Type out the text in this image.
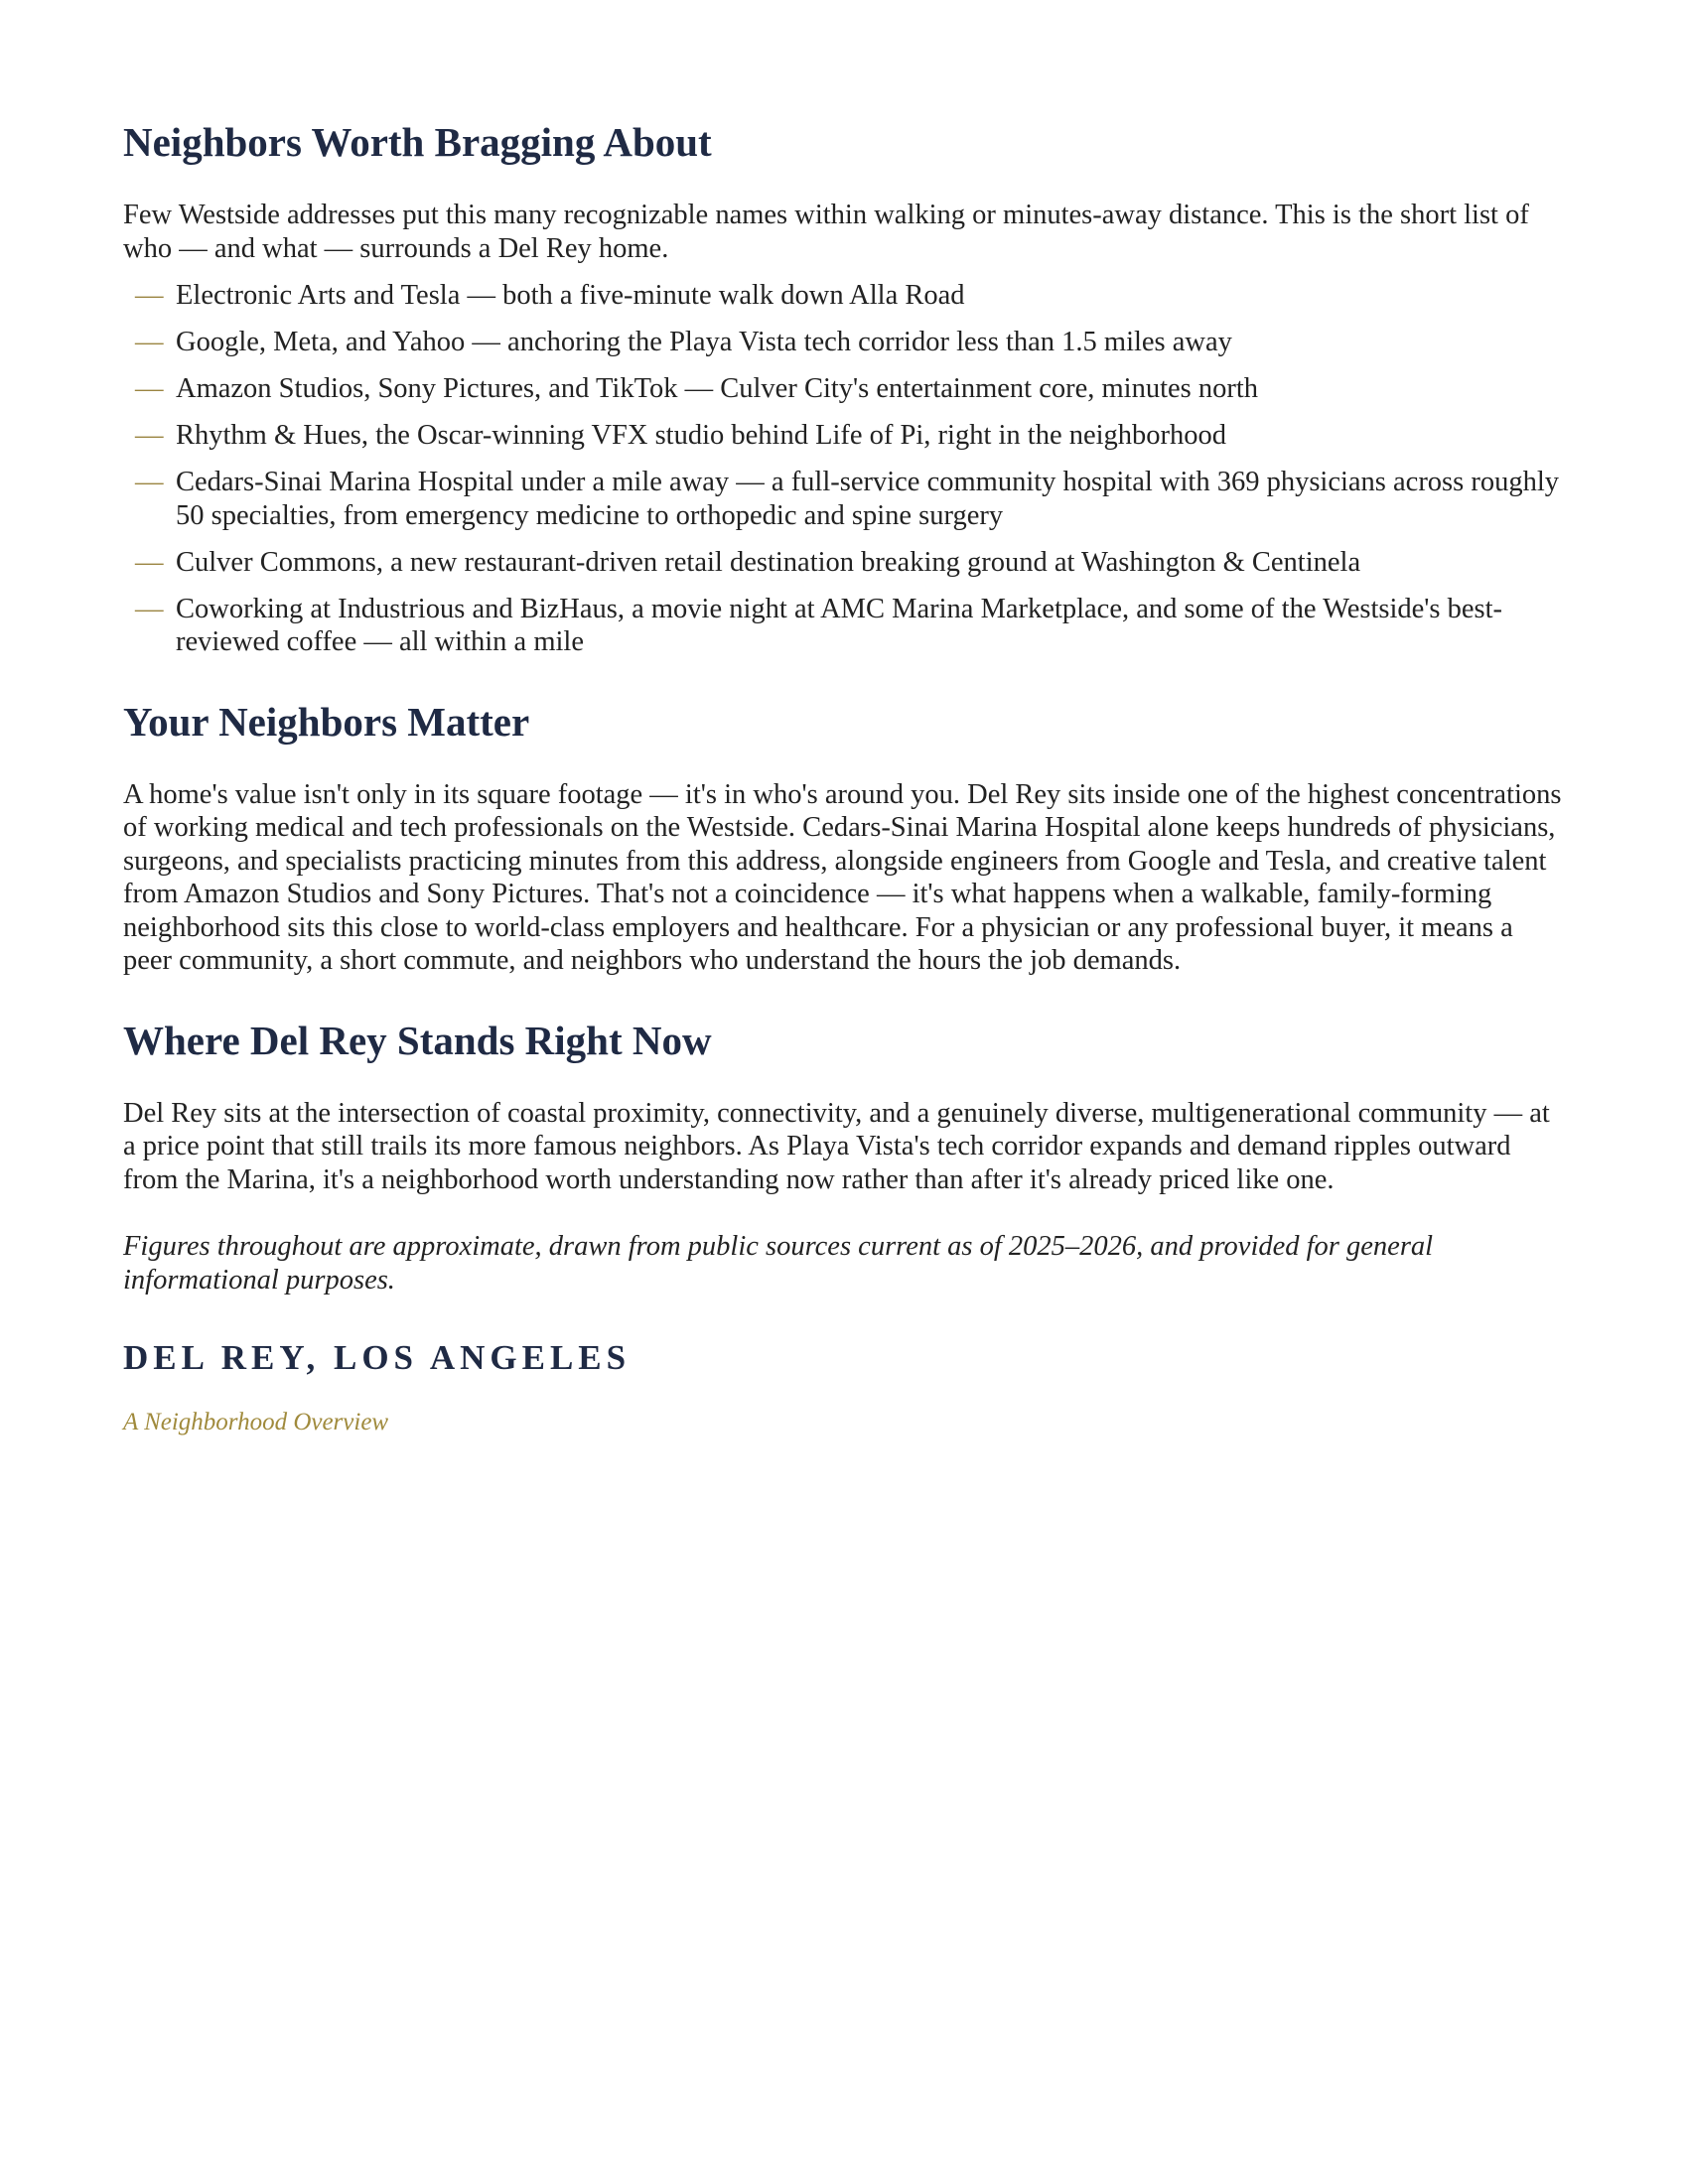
Neighbors Worth Bragging About

Few Westside addresses put this many recognizable names within walking or minutes-away distance. This is the short list of who — and what — surrounds a Del Rey home.

— Electronic Arts and Tesla — both a five-minute walk down Alla Road
— Google, Meta, and Yahoo — anchoring the Playa Vista tech corridor less than 1.5 miles away
— Amazon Studios, Sony Pictures, and TikTok — Culver City's entertainment core, minutes north
— Rhythm & Hues, the Oscar-winning VFX studio behind Life of Pi, right in the neighborhood
— Cedars-Sinai Marina Hospital under a mile away — a full-service community hospital with 369 physicians across roughly 50 specialties, from emergency medicine to orthopedic and spine surgery
— Culver Commons, a new restaurant-driven retail destination breaking ground at Washington & Centinela
— Coworking at Industrious and BizHaus, a movie night at AMC Marina Marketplace, and some of the Westside's best-reviewed coffee — all within a mile
Your Neighbors Matter

A home's value isn't only in its square footage — it's in who's around you. Del Rey sits inside one of the highest concentrations of working medical and tech professionals on the Westside. Cedars-Sinai Marina Hospital alone keeps hundreds of physicians, surgeons, and specialists practicing minutes from this address, alongside engineers from Google and Tesla, and creative talent from Amazon Studios and Sony Pictures. That's not a coincidence — it's what happens when a walkable, family-forming neighborhood sits this close to world-class employers and healthcare. For a physician or any professional buyer, it means a peer community, a short commute, and neighbors who understand the hours the job demands.

Where Del Rey Stands Right Now

Del Rey sits at the intersection of coastal proximity, connectivity, and a genuinely diverse, multigenerational community — at a price point that still trails its more famous neighbors. As Playa Vista's tech corridor expands and demand ripples outward from the Marina, it's a neighborhood worth understanding now rather than after it's already priced like one.

Figures throughout are approximate, drawn from public sources current as of 2025–2026, and provided for general informational purposes.

DEL REY, LOS ANGELES
A Neighborhood Overview
